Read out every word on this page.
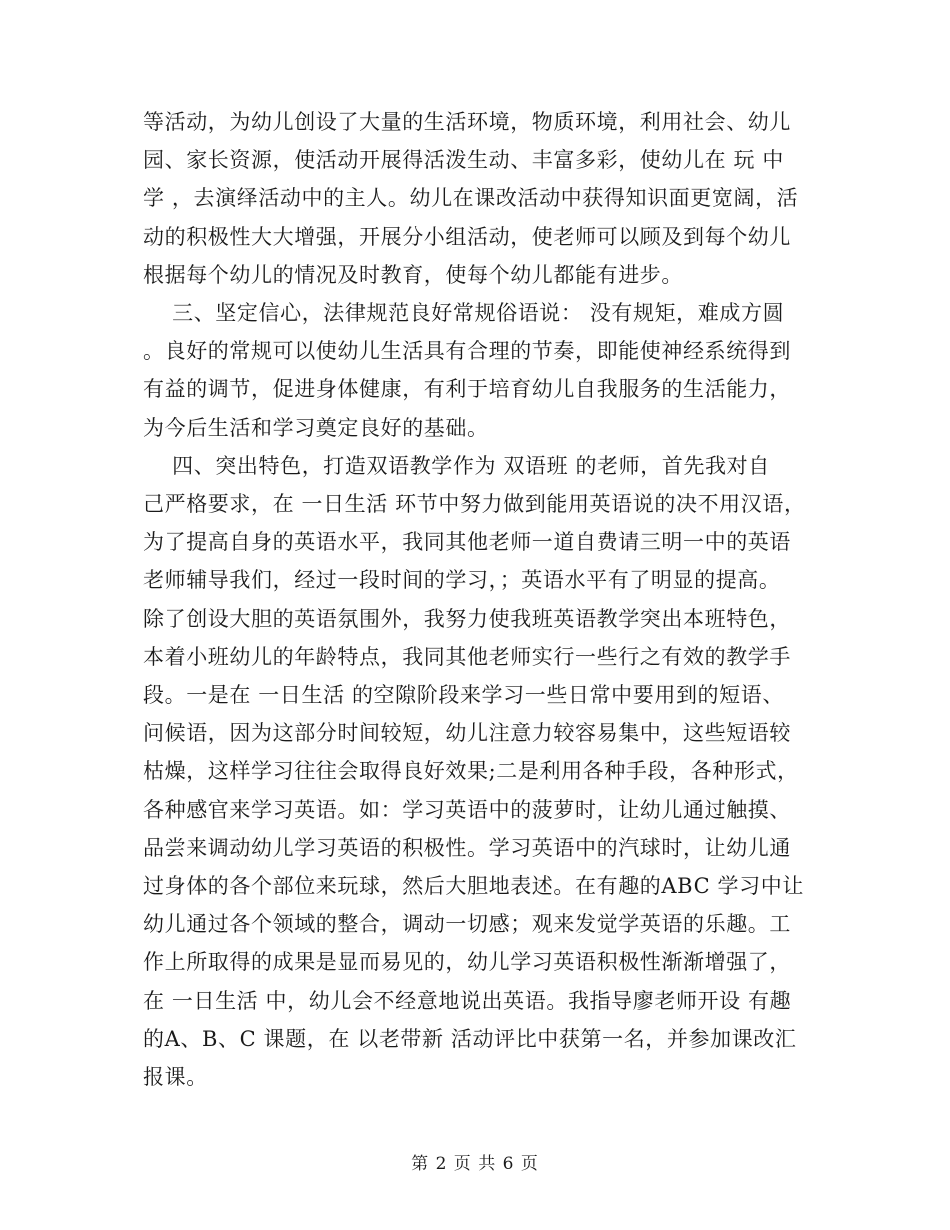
等活动，为幼儿创设了大量的生活环境，物质环境，利用社会、幼儿
园、家长资源，使活动开展得活泼生动、丰富多彩，使幼儿在 玩 中
学 ，去演绎活动中的主人。幼儿在课改活动中获得知识面更宽阔，活
动的积极性大大增强，开展分小组活动，使老师可以顾及到每个幼儿
根据每个幼儿的情况及时教育，使每个幼儿都能有进步。
三、坚定信心，法律规范良好常规俗语说： 没有规矩，难成方圆
。良好的常规可以使幼儿生活具有合理的节奏，即能使神经系统得到
有益的调节，促进身体健康，有利于培育幼儿自我服务的生活能力，
为今后生活和学习奠定良好的基础。
四、突出特色，打造双语教学作为 双语班 的老师，首先我对自
己严格要求，在 一日生活 环节中努力做到能用英语说的决不用汉语，
为了提高自身的英语水平，我同其他老师一道自费请三明一中的英语
老师辅导我们，经过一段时间的学习，；英语水平有了明显的提高。
除了创设大胆的英语氛围外，我努力使我班英语教学突出本班特色，
本着小班幼儿的年龄特点，我同其他老师实行一些行之有效的教学手
段。一是在 一日生活 的空隙阶段来学习一些日常中要用到的短语、
问候语，因为这部分时间较短，幼儿注意力较容易集中，这些短语较
枯燥，这样学习往往会取得良好效果;二是利用各种手段，各种形式，
各种感官来学习英语。如：学习英语中的菠萝时，让幼儿通过触摸、
品尝来调动幼儿学习英语的积极性。学习英语中的汽球时，让幼儿通
过身体的各个部位来玩球，然后大胆地表述。在有趣的ABC 学习中让
幼儿通过各个领域的整合，调动一切感；观来发觉学英语的乐趣。工
作上所取得的成果是显而易见的，幼儿学习英语积极性渐渐增强了，
在 一日生活 中，幼儿会不经意地说出英语。我指导廖老师开设 有趣
的A、B、C 课题，在 以老带新 活动评比中获第一名，并参加课改汇
报课。
第 2 页 共 6 页
